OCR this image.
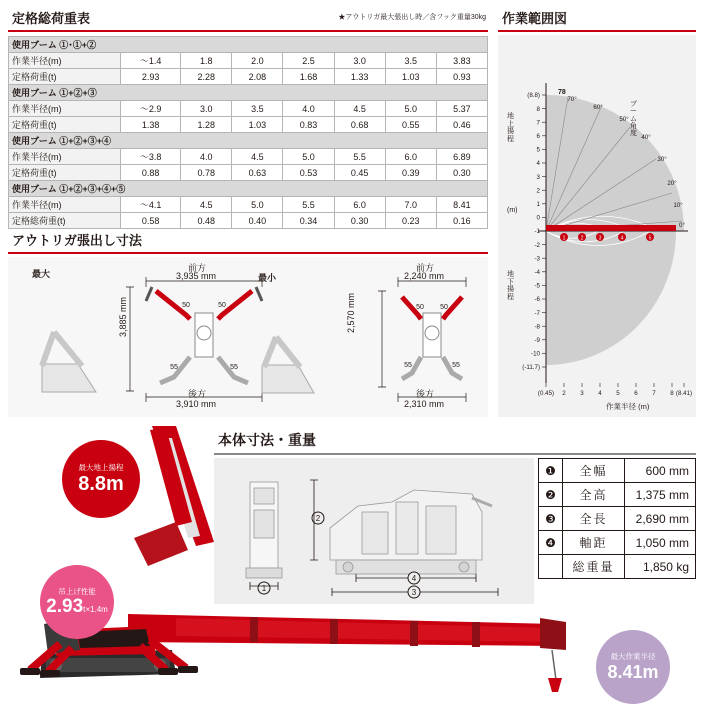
定格総荷重表	★アウトリガ最大張出し時／含フック重量30kg
使用ブーム ①･①+②							
作業半径(m)	～1.4	1.8	2.0	2.5	3.0	3.5	3.83
定格荷重(t)	2.93	2.28	2.08	1.68	1.33	1.03	0.93
使用ブーム ①+②+③							
作業半径(m)	～2.9	3.0	3.5	4.0	4.5	5.0	5.37
定格荷重(t)	1.38	1.28	1.03	0.83	0.68	0.55	0.46
使用ブーム ①+②+③+④							
作業半径(m)	～3.8	4.0	4.5	5.0	5.5	6.0	6.89
定格荷重(t)	0.88	0.78	0.63	0.53	0.45	0.39	0.30
使用ブーム ①+②+③+④+⑤							
作業半径(m)	～4.1	4.5	5.0	5.5	6.0	7.0	8.41
定格総荷重(t)	0.58	0.48	0.40	0.34	0.30	0.23	0.16
アウトリガ張出し寸法
50	50
55	55
50 50
55	55
最大	最小
前方
3,935 mm
後方
3,910 mm
3,885 mm
前方
2,240 mm
後方
2,310 mm
2,570 mm
作業範囲図
(8.8)
8
7
6
5
4
3
2
1
0
-1
-2
-3
-4
-5
-6
-7
-8
-9
-10
(-11.7)
(0.45) 2 3 4 5 6 7 8 (8.41)
70°
60°
50°
40°
30°
20°
10°
0°
1	2	3	4	5
78
地上揚程
地下揚程
(m)
ブーム角度
作業半径 (m)
最大地上揚程
8.8m
吊上げ性能
2.93t×1.4m
最大作業半径
8.41m
本体寸法・重量
1
2
4
3
❶	全幅	600 mm
❷	全高	1,375 mm
❸	全長	2,690 mm
❹	軸距	1,050 mm
	総重量	1,850 kg
